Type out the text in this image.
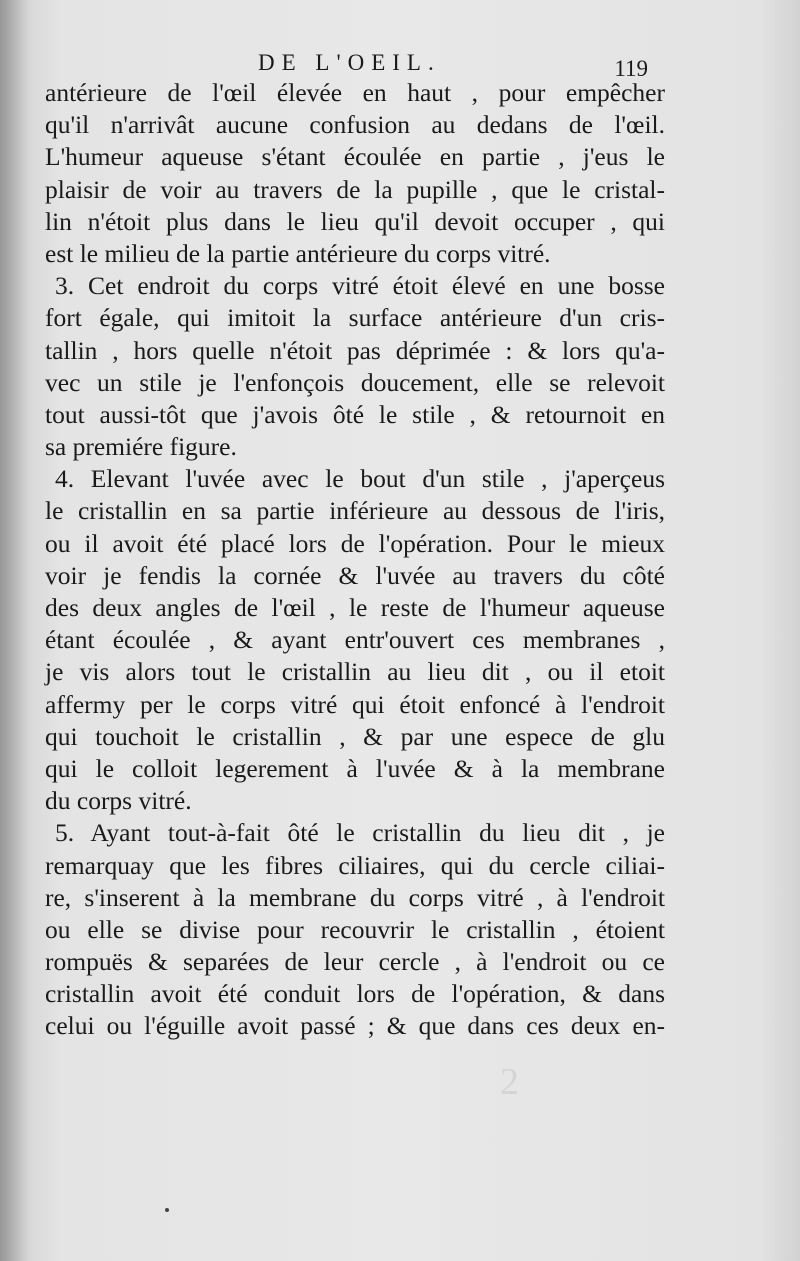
2
DE L'OEIL.	119
antérieure de l'œil élevée en haut , pour empêcher
qu'il n'arrivât aucune confusion au dedans de l'œil.
L'humeur aqueuse s'étant écoulée en partie , j'eus le
plaisir de voir au travers de la pupille , que le cristal-
lin n'étoit plus dans le lieu qu'il devoit occuper , qui
est le milieu de la partie antérieure du corps vitré.
3. Cet endroit du corps vitré étoit élevé en une bosse
fort égale, qui imitoit la surface antérieure d'un cris-
tallin , hors quelle n'étoit pas déprimée : & lors qu'a-
vec un stile je l'enfonçois doucement, elle se relevoit
tout aussi-tôt que j'avois ôté le stile , & retournoit en
sa premiére figure.
4. Elevant l'uvée avec le bout d'un stile , j'aperçeus
le cristallin en sa partie inférieure au dessous de l'iris,
ou il avoit été placé lors de l'opération. Pour le mieux
voir je fendis la cornée & l'uvée au travers du côté
des deux angles de l'œil , le reste de l'humeur aqueuse
étant écoulée , & ayant entr'ouvert ces membranes ,
je vis alors tout le cristallin au lieu dit , ou il etoit
affermy per le corps vitré qui étoit enfoncé à l'endroit
qui touchoit le cristallin , & par une espece de glu
qui le colloit legerement à l'uvée & à la membrane
du corps vitré.
5. Ayant tout-à-fait ôté le cristallin du lieu dit , je
remarquay que les fibres ciliaires, qui du cercle ciliai-
re, s'inserent à la membrane du corps vitré , à l'endroit
ou elle se divise pour recouvrir le cristallin , étoient
rompuës & separées de leur cercle , à l'endroit ou ce
cristallin avoit été conduit lors de l'opération, & dans
celui ou l'éguille avoit passé ; & que dans ces deux en-
